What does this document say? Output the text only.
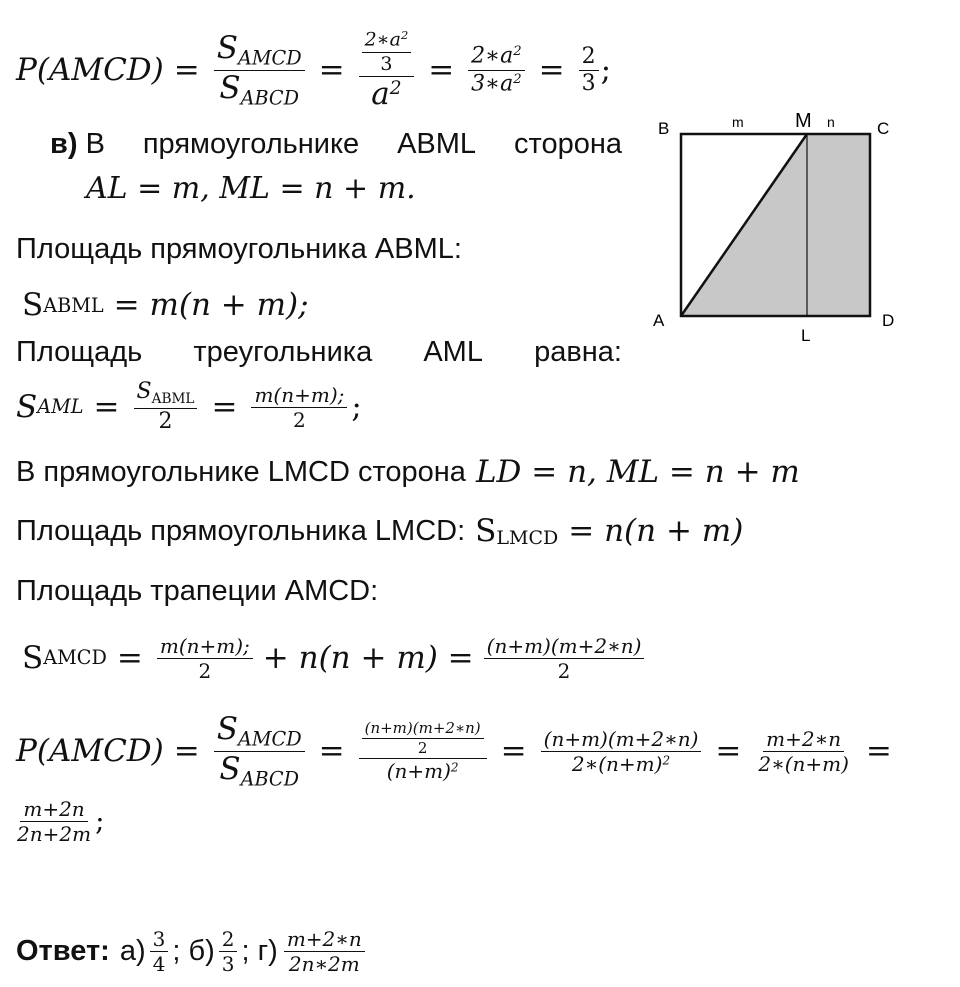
P(AMCD) = $\frac{S_{AMCD}}{S_{ABCD}} = \frac{\frac{2∗a^2}{3}}{a^2} = \frac{2∗a^2}{3∗a^2} = \frac{2}{3}$ ;
в) В прямоугольнике ABML сторона
AL = m, ML = n + m.
B	m	M n C
A	D
L
Площадь прямоугольника ABML:
S ABML = m(n + m);
Площадь треугольника AML равна:
S AML = $\frac{S_{ABML}}{2} = \frac{m(n+m);}{2}$ ;
В прямоугольнике LMCD сторона LD = n, ML = n + m
Площадь прямоугольника LMCD: S LMCD = n(n + m)
Площадь трапеции AMCD:
S AMCD = $\frac{m(n+m);}{2} + n(n + m) = \frac{(n+m)(m+2∗n)}{2}$
P(AMCD) = $\frac{S_{AMCD}}{S_{ABCD}} = \frac{\frac{(n+m)(m+2∗n)}{2}}{(n+m)^2} = \frac{(n+m)(m+2∗n)}{2∗(n+m)^2} = \frac{m+2∗n}{2∗(n+m)}$ =
$\frac{m+2n}{2n+2m}$ ;
Ответ: $а) \frac{3}{4}$ ; $б) \frac{2}{3}$ ; $г) \frac{m+2∗n}{2n∗2m}$
